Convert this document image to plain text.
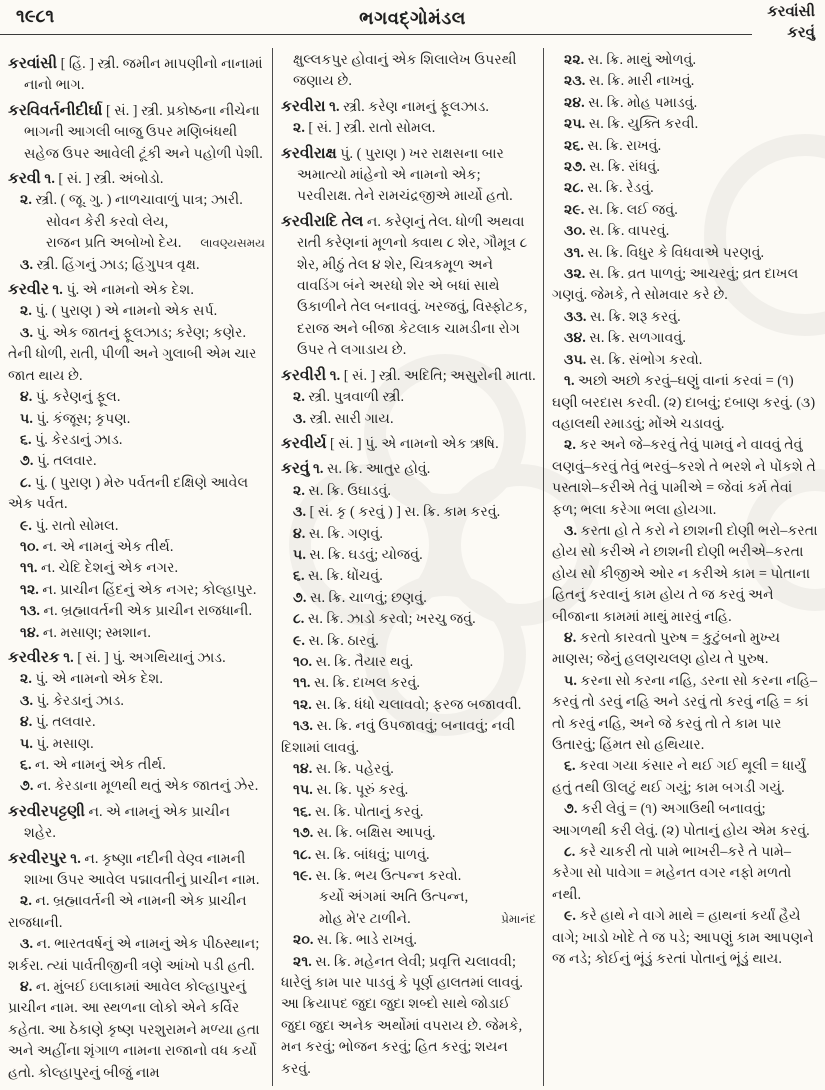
૧૯૮૧	ભગવદ્ગોમંડલ	કરવાંસી
કરવું
કરવાંસી [ હિં. ] સ્ત્રી. જમીન માપણીનો નાનામાં નાનો ભાગ.
કરવિવર્તનીદીર્ઘા [ સં. ] સ્ત્રી. પ્રકોષ્ઠના નીચેના ભાગની આગલી બાજુ ઉપર મણિબંધથી સહેજ ઉપર આવેલી ટૂંકી અને પહોળી પેશી.
કરવી ૧. [ સં. ] સ્ત્રી. અંબોડો.
૨. સ્ત્રી. ( જૂ. ગુ. ) નાળચાવાળું પાત્ર; ઝારી.
સોવન કેરી કરવો લેય,
રાજન પ્રતિ અબોખો દેય. લાવણ્યસમય
૩. સ્ત્રી. હિંગનું ઝાડ; હિંગુપત્ર વૃક્ષ.
કરવીર ૧. પું. એ નામનો એક દેશ.
૨. પું. ( પુરાણ ) એ નામનો એક સર્પ.
૩. પું. એક જાતનું ફૂલઝાડ; કરેણ; કણેર. તેની ધોળી, રાતી, પીળી અને ગુલાબી એમ ચાર જાત થાય છે.
૪. પું. કરેણનું ફૂલ.
૫. પું. કંજૂસ; કૃપણ.
૬. પું. કેરડાનું ઝાડ.
૭. પું. તલવાર.
૮. પું. ( પુરાણ ) મેરુ પર્વતની દક્ષિણે આવેલ એક પર્વત.
૯. પું. રાતો સોમલ.
૧૦. ન. એ નામનું એક તીર્થ.
૧૧. ન. ચેદિ દેશનું એક નગર.
૧૨. ન. પ્રાચીન હિંદનું એક નગર; કોલ્હાપુર.
૧૩. ન. બ્રહ્માવર્તની એક પ્રાચીન રાજધાની.
૧૪. ન. મસાણ; સ્મશાન.
કરવીરક ૧. [ સં. ] પું. અગથિયાનું ઝાડ.
૨. પું. એ નામનો એક દેશ.
૩. પું. કેરડાનું ઝાડ.
૪. પું. તલવાર.
૫. પું. મસાણ.
૬. ન. એ નામનું એક તીર્થ.
૭. ન. કેરડાના મૂળથી થતું એક જાતનું ઝેર.
કરવીરપટ્ટણી ન. એ નામનું એક પ્રાચીન શહેર.
કરવીરપુર ૧. ન. કૃષ્ણા નદીની વેણ્વ નામની શાખા ઉપર આવેલ પદ્માવતીનું પ્રાચીન નામ.
૨. ન. બ્રહ્માવર્તની એ નામની એક પ્રાચીન રાજધાની.
૩. ન. ભારતવર્ષનું એ નામનું એક પીઠસ્થાન; શર્કરા. ત્યાં પાર્વતીજીની ત્રણે આંખો પડી હતી.
૪. ન. મુંબઈ ઇલાકામાં આવેલ કોલ્હાપુરનું પ્રાચીન નામ. આ સ્થળના લોકો એને કર્વિર કહેતા. આ ઠેકાણે કૃષ્ણ પરશુરામને મળ્યા હતા અને અહીંના શૃંગાળ નામના રાજાનો વધ કર્યો હતો. કોલ્હાપુરનું બીજું નામ
ક્ષુલ્લકપુર હોવાનું એક શિલાલેખ ઉપરથી જણાય છે.
કરવીરા ૧. સ્ત્રી. કરેણ નામનું ફૂલઝાડ.
૨. [ સં. ] સ્ત્રી. રાતો સોમલ.
કરવીરાક્ષ પું. ( પુરાણ ) ખર રાક્ષસના બાર અમાત્યો માંહેનો એ નામનો એક; પરવીરાક્ષ. તેને રામચંદ્રજીએ માર્યો હતો.
કરવીરાદિ તેલ ન. કરેણનું તેલ. ધોળી અથવા રાતી કરેણનાં મૂળનો ક્વાથ ૮ શેર, ગૌમૂત્ર ૮ શેર, મીઠું તેલ ૪ શેર, ચિત્રકમૂળ અને વાવડિંગ બંને અરધો શેર એ બધાં સાથે ઉકાળીને તેલ બનાવવું. ખરજવું, વિસ્ફોટક, દરાજ અને બીજા કેટલાક ચામડીના રોગ ઉપર તે લગાડાય છે.
કરવીરી ૧. [ સં. ] સ્ત્રી. અદિતિ; અસુરોની માતા.
૨. સ્ત્રી. પુત્રવાળી સ્ત્રી.
૩. સ્ત્રી. સારી ગાય.
કરવીર્ય [ સં. ] પું. એ નામનો એક ઋષિ.
કરવું ૧. સ. ક્રિ. આતુર હોવું.
૨. સ. ક્રિ. ઉઘાડવું.
૩. [ સં. કૃ ( કરવું ) ] સ. ક્રિ. કામ કરવું.
૪. સ. ક્રિ. ગણવું.
૫. સ. ક્રિ. ઘડવું; યોજવું.
૬. સ. ક્રિ. ધોંચવું.
૭. સ. ક્રિ. ચાળવું; છણવું.
૮. સ. ક્રિ. ઝાડો કરવો; ખરચુ જવું.
૯. સ. ક્રિ. ઠારવું.
૧૦. સ. ક્રિ. તૈયાર થવું.
૧૧. સ. ક્રિ. દાખલ કરવું.
૧૨. સ. ક્રિ. ધંધો ચલાવવો; ફરજ બજાવવી.
૧૩. સ. ક્રિ. નવું ઉપજાવવું; બનાવવું; નવી દિશામાં લાવવું.
૧૪. સ. ક્રિ. પહેરવું.
૧૫. સ. ક્રિ. પૂરું કરવું.
૧૬. સ. ક્રિ. પોતાનું કરવું.
૧૭. સ. ક્રિ. બક્ષિસ આપવું.
૧૮. સ. ક્રિ. બાંધવું; પાળવું.
૧૯. સ. ક્રિ. ભય ઉત્પન્ન કરવો.
કર્યો અંગમાં અતિ ઉત્પન્ન,
મોહ મે'ર ટાળીને.	પ્રેમાનંદ
૨૦. સ. ક્રિ. ભાડે રાખવું.
૨૧. સ. ક્રિ. મહેનત લેવી; પ્રવૃત્તિ ચલાવવી; ધારેલું કામ પાર પાડવું કે પૂર્ણ હાલતમાં લાવવું. આ ક્રિયાપદ જુદા જુદા શબ્દો સાથે જોડાઈ જુદા જુદા અનેક અર્થોમાં વપરાય છે. જેમકે, મન કરવું; ભોજન કરવું; હિત કરવું; શયન કરવું.
૨૨. સ. ક્રિ. માથું ઓળવું.
૨૩. સ. ક્રિ. મારી નાખવું.
૨૪. સ. ક્રિ. મોહ પમાડવું.
૨૫. સ. ક્રિ. યુક્તિ કરવી.
૨૬. સ. ક્રિ. રાખવું.
૨૭. સ. ક્રિ. રાંધવું.
૨૮. સ. ક્રિ. રેડવું.
૨૯. સ. ક્રિ. લઈ જવું.
૩૦. સ. ક્રિ. વાપરવું.
૩૧. સ. ક્રિ. વિધુર કે વિધવાએ પરણવું.
૩૨. સ. ક્રિ. વ્રત પાળવું; આચરવું; વ્રત દાખલ ગણવું. જેમકે, તે સોમવાર કરે છે.
૩૩. સ. ક્રિ. શરૂ કરવું.
૩૪. સ. ક્રિ. સળગાવવું.
૩૫. સ. ક્રિ. સંભોગ કરવો.
૧. અછો અછો કરવું–ઘણું વાનાં કરવાં = (૧) ઘણી બરદાસ કરવી. (૨) દાબવું; દબાણ કરવું. (૩) વહાલથી રમાડવું; મોંએ ચડાવવું.
૨. કર અને જે–કરવું તેવું પામવું ને વાવવું તેવું લણવું–કરવું તેવું ભરવું–કરશે તે ભરશે ને પોંકશે તે પસ્તાશે–કરીએ તેવું પામીએ = જેવાં કર્મ તેવાં ફળ; ભલા કરેગા ભલા હોયગા.
૩. કરતા હો તે કરો ને છાશની દોણી ભરો–કરતા હોય સો કરીએ ને છાશની દોણી ભરીએ–કરતા હોય સો કીજીએ ઓર ન કરીએ કામ = પોતાના હિતનું કરવાનું કામ હોય તે જ કરવું અને બીજાના કામમાં માથું મારવું નહિ.
૪. કરતો કારવતો પુરુષ = કુટુંબનો મુખ્ય માણસ; જેનું હલણચલણ હોય તે પુરુષ.
૫. કરના સો કરના નહિ, ડરના સો કરના નહિ–કરવું તો ડરવું નહિ અને ડરવું તો કરવું નહિ = કાં તો કરવું નહિ, અને જે કરવું તો તે કામ પાર ઉતારવું; હિંમત સો હથિયાર.
૬. કરવા ગયા કંસાર ને થઈ ગઈ થૂલી = ધાર્યું હતું તથી ઊલટું થઈ ગયું; કામ બગડી ગયું.
૭. કરી લેવું = (૧) અગાઉથી બનાવવું; આગળથી કરી લેવું. (૨) પોતાનું હોય એમ કરવું.
૮. કરે ચાકરી તો પામે ભાખરી–કરે તે પામે–કરેગા સો પાવેગા = મહેનત વગર નફો મળતો નથી.
૯. કરે હાથે ને વાગે માથે = હાથનાં કર્યાં હૈયે વાગે; ખાડો ખોદે તે જ પડે; આપણું કામ આપણને જ નડે; કોઈનું ભૂંડું કરતાં પોતાનું ભૂંડું થાય.
